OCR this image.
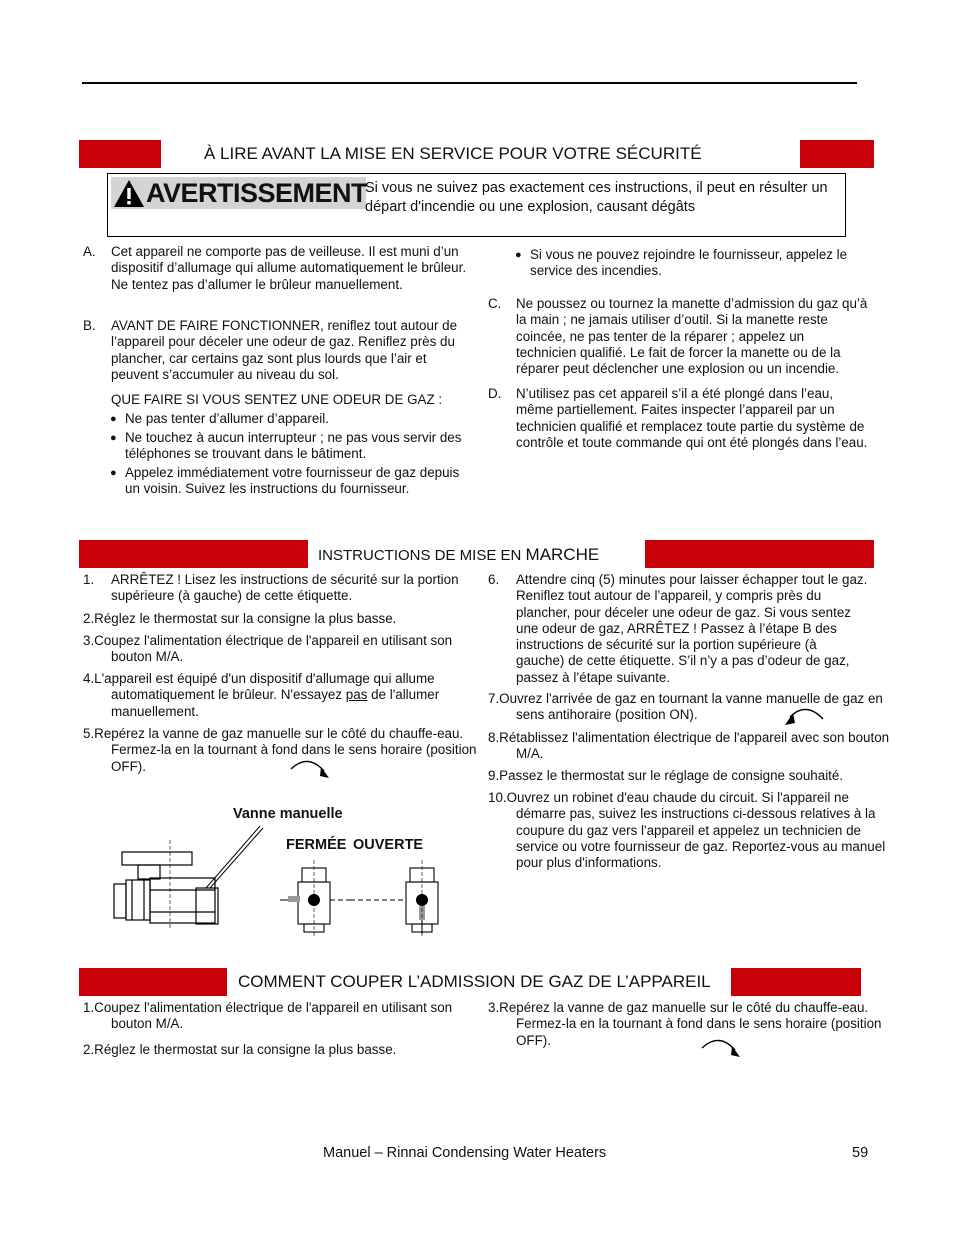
À LIRE AVANT LA MISE EN SERVICE POUR VOTRE SÉCURITÉ
AVERTISSEMENT
Si vous ne suivez pas exactement ces instructions, il peut en résulter un départ d'incendie ou une explosion, causant dégâts
A. Cet appareil ne comporte pas de veilleuse. Il est muni d’un dispositif d’allumage qui allume automatiquement le brûleur. Ne tentez pas d’allumer le brûleur manuellement.
B. AVANT DE FAIRE FONCTIONNER, reniflez tout autour de l’appareil pour déceler une odeur de gaz. Reniflez près du plancher, car certains gaz sont plus lourds que l’air et peuvent s’accumuler au niveau du sol.
QUE FAIRE SI VOUS SENTEZ UNE ODEUR DE GAZ :
● Ne pas tenter d’allumer d’appareil.
● Ne touchez à aucun interrupteur ; ne pas vous servir des téléphones se trouvant dans le bâtiment.
● Appelez immédiatement votre fournisseur de gaz depuis un voisin. Suivez les instructions du fournisseur.
● Si vous ne pouvez rejoindre le fournisseur, appelez le service des incendies.
C. Ne poussez ou tournez la manette d’admission du gaz qu’à la main ; ne jamais utiliser d’outil. Si la manette reste coincée, ne pas tenter de la réparer ; appelez un technicien qualifié. Le fait de forcer la manette ou de la réparer peut déclencher une explosion ou un incendie.
D. N’utilisez pas cet appareil s’il a été plongé dans l’eau, même partiellement. Faites inspecter l’appareil par un technicien qualifié et remplacez toute partie du système de contrôle et toute commande qui ont été plongés dans l’eau.
INSTRUCTIONS DE MISE EN MARCHE
1. ARRÊTEZ ! Lisez les instructions de sécurité sur la portion supérieure (à gauche) de cette étiquette.
2.Réglez le thermostat sur la consigne la plus basse.
3.Coupez l'alimentation électrique de l'appareil en utilisant son bouton M/A.
4.L'appareil est équipé d'un dispositif d'allumage qui allume automatiquement le brûleur. N'essayez pas de l'allumer manuellement.
5.Repérez la vanne de gaz manuelle sur le côté du chauffe-eau. Fermez-la en la tournant à fond dans le sens horaire (position OFF).
Vanne manuelle
FERMÉE OUVERTE
6. Attendre cinq (5) minutes pour laisser échapper tout le gaz. Reniflez tout autour de l’appareil, y compris près du plancher, pour déceler une odeur de gaz. Si vous sentez une odeur de gaz, ARRÊTEZ ! Passez à l’étape B des instructions de sécurité sur la portion supérieure (à gauche) de cette étiquette. S’il n’y a pas d’odeur de gaz, passez à l’étape suivante.
7.Ouvrez l'arrivée de gaz en tournant la vanne manuelle de gaz en sens antihoraire (position ON).
8.Rétablissez l'alimentation électrique de l'appareil avec son bouton M/A.
9.Passez le thermostat sur le réglage de consigne souhaité.
10.Ouvrez un robinet d'eau chaude du circuit. Si l'appareil ne démarre pas, suivez les instructions ci-dessous relatives à la coupure du gaz vers l'appareil et appelez un technicien de service ou votre fournisseur de gaz. Reportez-vous au manuel pour plus d'informations.
COMMENT COUPER L’ADMISSION DE GAZ DE L’APPAREIL
1.Coupez l'alimentation électrique de l'appareil en utilisant son bouton M/A.
2.Réglez le thermostat sur la consigne la plus basse.
3.Repérez la vanne de gaz manuelle sur le côté du chauffe-eau. Fermez-la en la tournant à fond dans le sens horaire (position OFF).
Manuel – Rinnai Condensing Water Heaters	59
